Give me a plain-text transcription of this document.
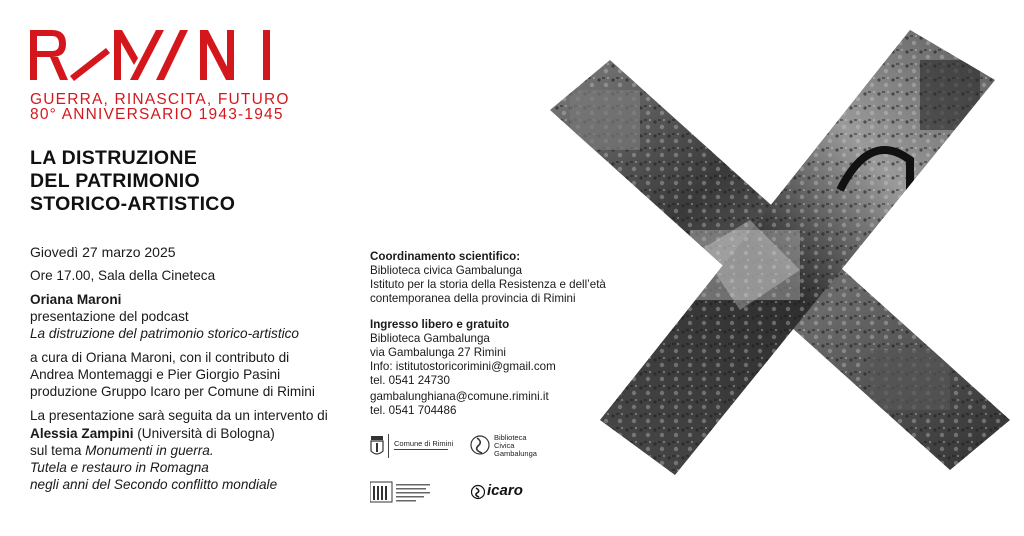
GUERRA, RINASCITA, FUTURO
80° ANNIVERSARIO 1943-1945
LA DISTRUZIONE
DEL PATRIMONIO
STORICO-ARTISTICO
Giovedì 27 marzo 2025
Ore 17.00, Sala della Cineteca
Oriana Maroni
presentazione del podcast
La distruzione del patrimonio storico-artistico
a cura di Oriana Maroni, con il contributo di
Andrea Montemaggi e Pier Giorgio Pasini
produzione Gruppo Icaro per Comune di Rimini
La presentazione sarà seguita da un intervento di
Alessia Zampini (Università di Bologna)
sul tema Monumenti in guerra.
Tutela e restauro in Romagna
negli anni del Secondo conflitto mondiale
Coordinamento scientifico:
Biblioteca civica Gambalunga
Istituto per la storia della Resistenza e dell’età
contemporanea della provincia di Rimini
Ingresso libero e gratuito
Biblioteca Gambalunga
via Gambalunga 27 Rimini
Info: istitutostoricorimini@gmail.com
tel. 0541 24730
gambalunghiana@comune.rimini.it
tel. 0541 704486
Comune di Rimini
Biblioteca
Civica
Gambalunga
icaro
